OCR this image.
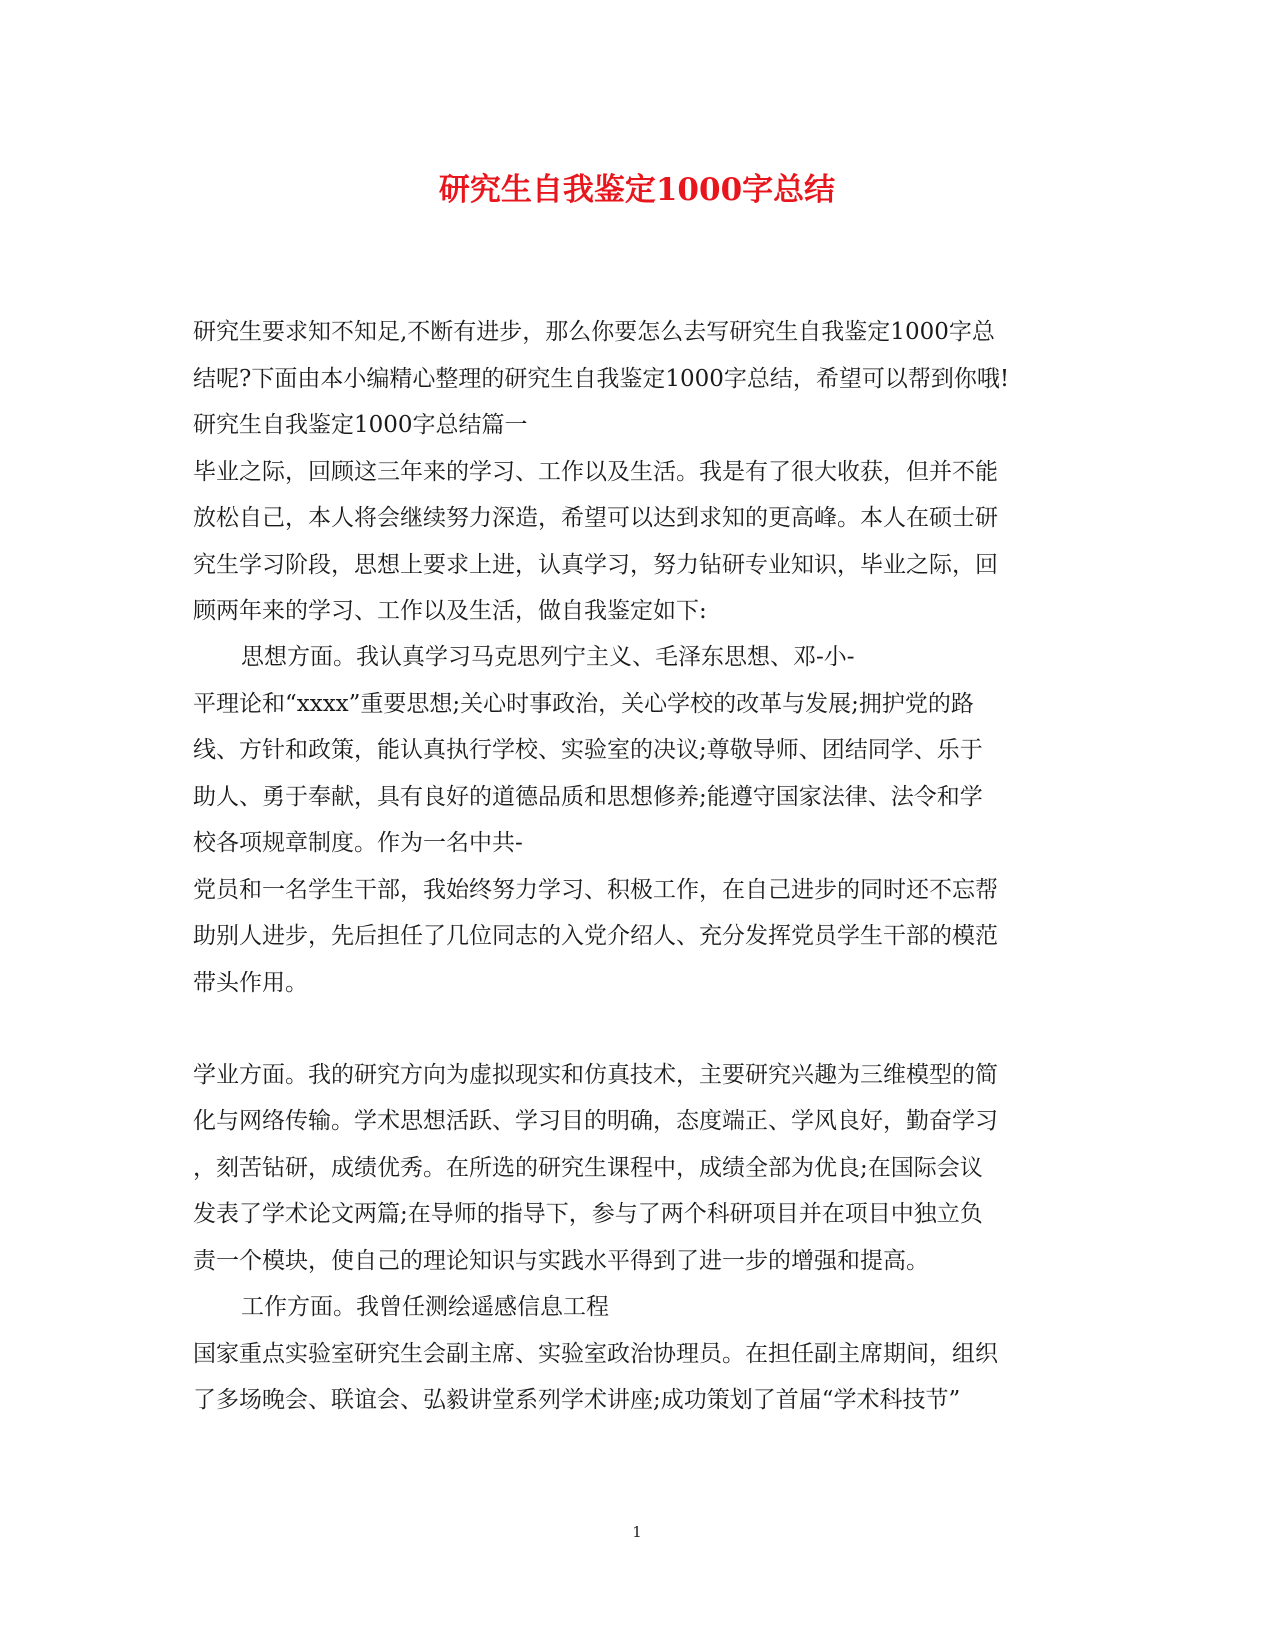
研究生自我鉴定1000字总结
研究生要求知不知足,不断有进步，那么你要怎么去写研究生自我鉴定1000字总
结呢?下面由本小编精心整理的研究生自我鉴定1000字总结，希望可以帮到你哦!
研究生自我鉴定1000字总结篇一
毕业之际，回顾这三年来的学习、工作以及生活。我是有了很大收获，但并不能
放松自己，本人将会继续努力深造，希望可以达到求知的更高峰。本人在硕士研
究生学习阶段，思想上要求上进，认真学习，努力钻研专业知识，毕业之际，回
顾两年来的学习、工作以及生活，做自我鉴定如下:
思想方面。我认真学习马克思列宁主义、毛泽东思想、邓-小-
平理论和“xxxx”重要思想;关心时事政治，关心学校的改革与发展;拥护党的路
线、方针和政策，能认真执行学校、实验室的决议;尊敬导师、团结同学、乐于
助人、勇于奉献，具有良好的道德品质和思想修养;能遵守国家法律、法令和学
校各项规章制度。作为一名中共-
党员和一名学生干部，我始终努力学习、积极工作，在自己进步的同时还不忘帮
助别人进步，先后担任了几位同志的入党介绍人、充分发挥党员学生干部的模范
带头作用。
学业方面。我的研究方向为虚拟现实和仿真技术，主要研究兴趣为三维模型的简
化与网络传输。学术思想活跃、学习目的明确，态度端正、学风良好，勤奋学习
，刻苦钻研，成绩优秀。在所选的研究生课程中，成绩全部为优良;在国际会议
发表了学术论文两篇;在导师的指导下，参与了两个科研项目并在项目中独立负
责一个模块，使自己的理论知识与实践水平得到了进一步的增强和提高。
工作方面。我曾任测绘遥感信息工程
国家重点实验室研究生会副主席、实验室政治协理员。在担任副主席期间，组织
了多场晚会、联谊会、弘毅讲堂系列学术讲座;成功策划了首届“学术科技节”
1
